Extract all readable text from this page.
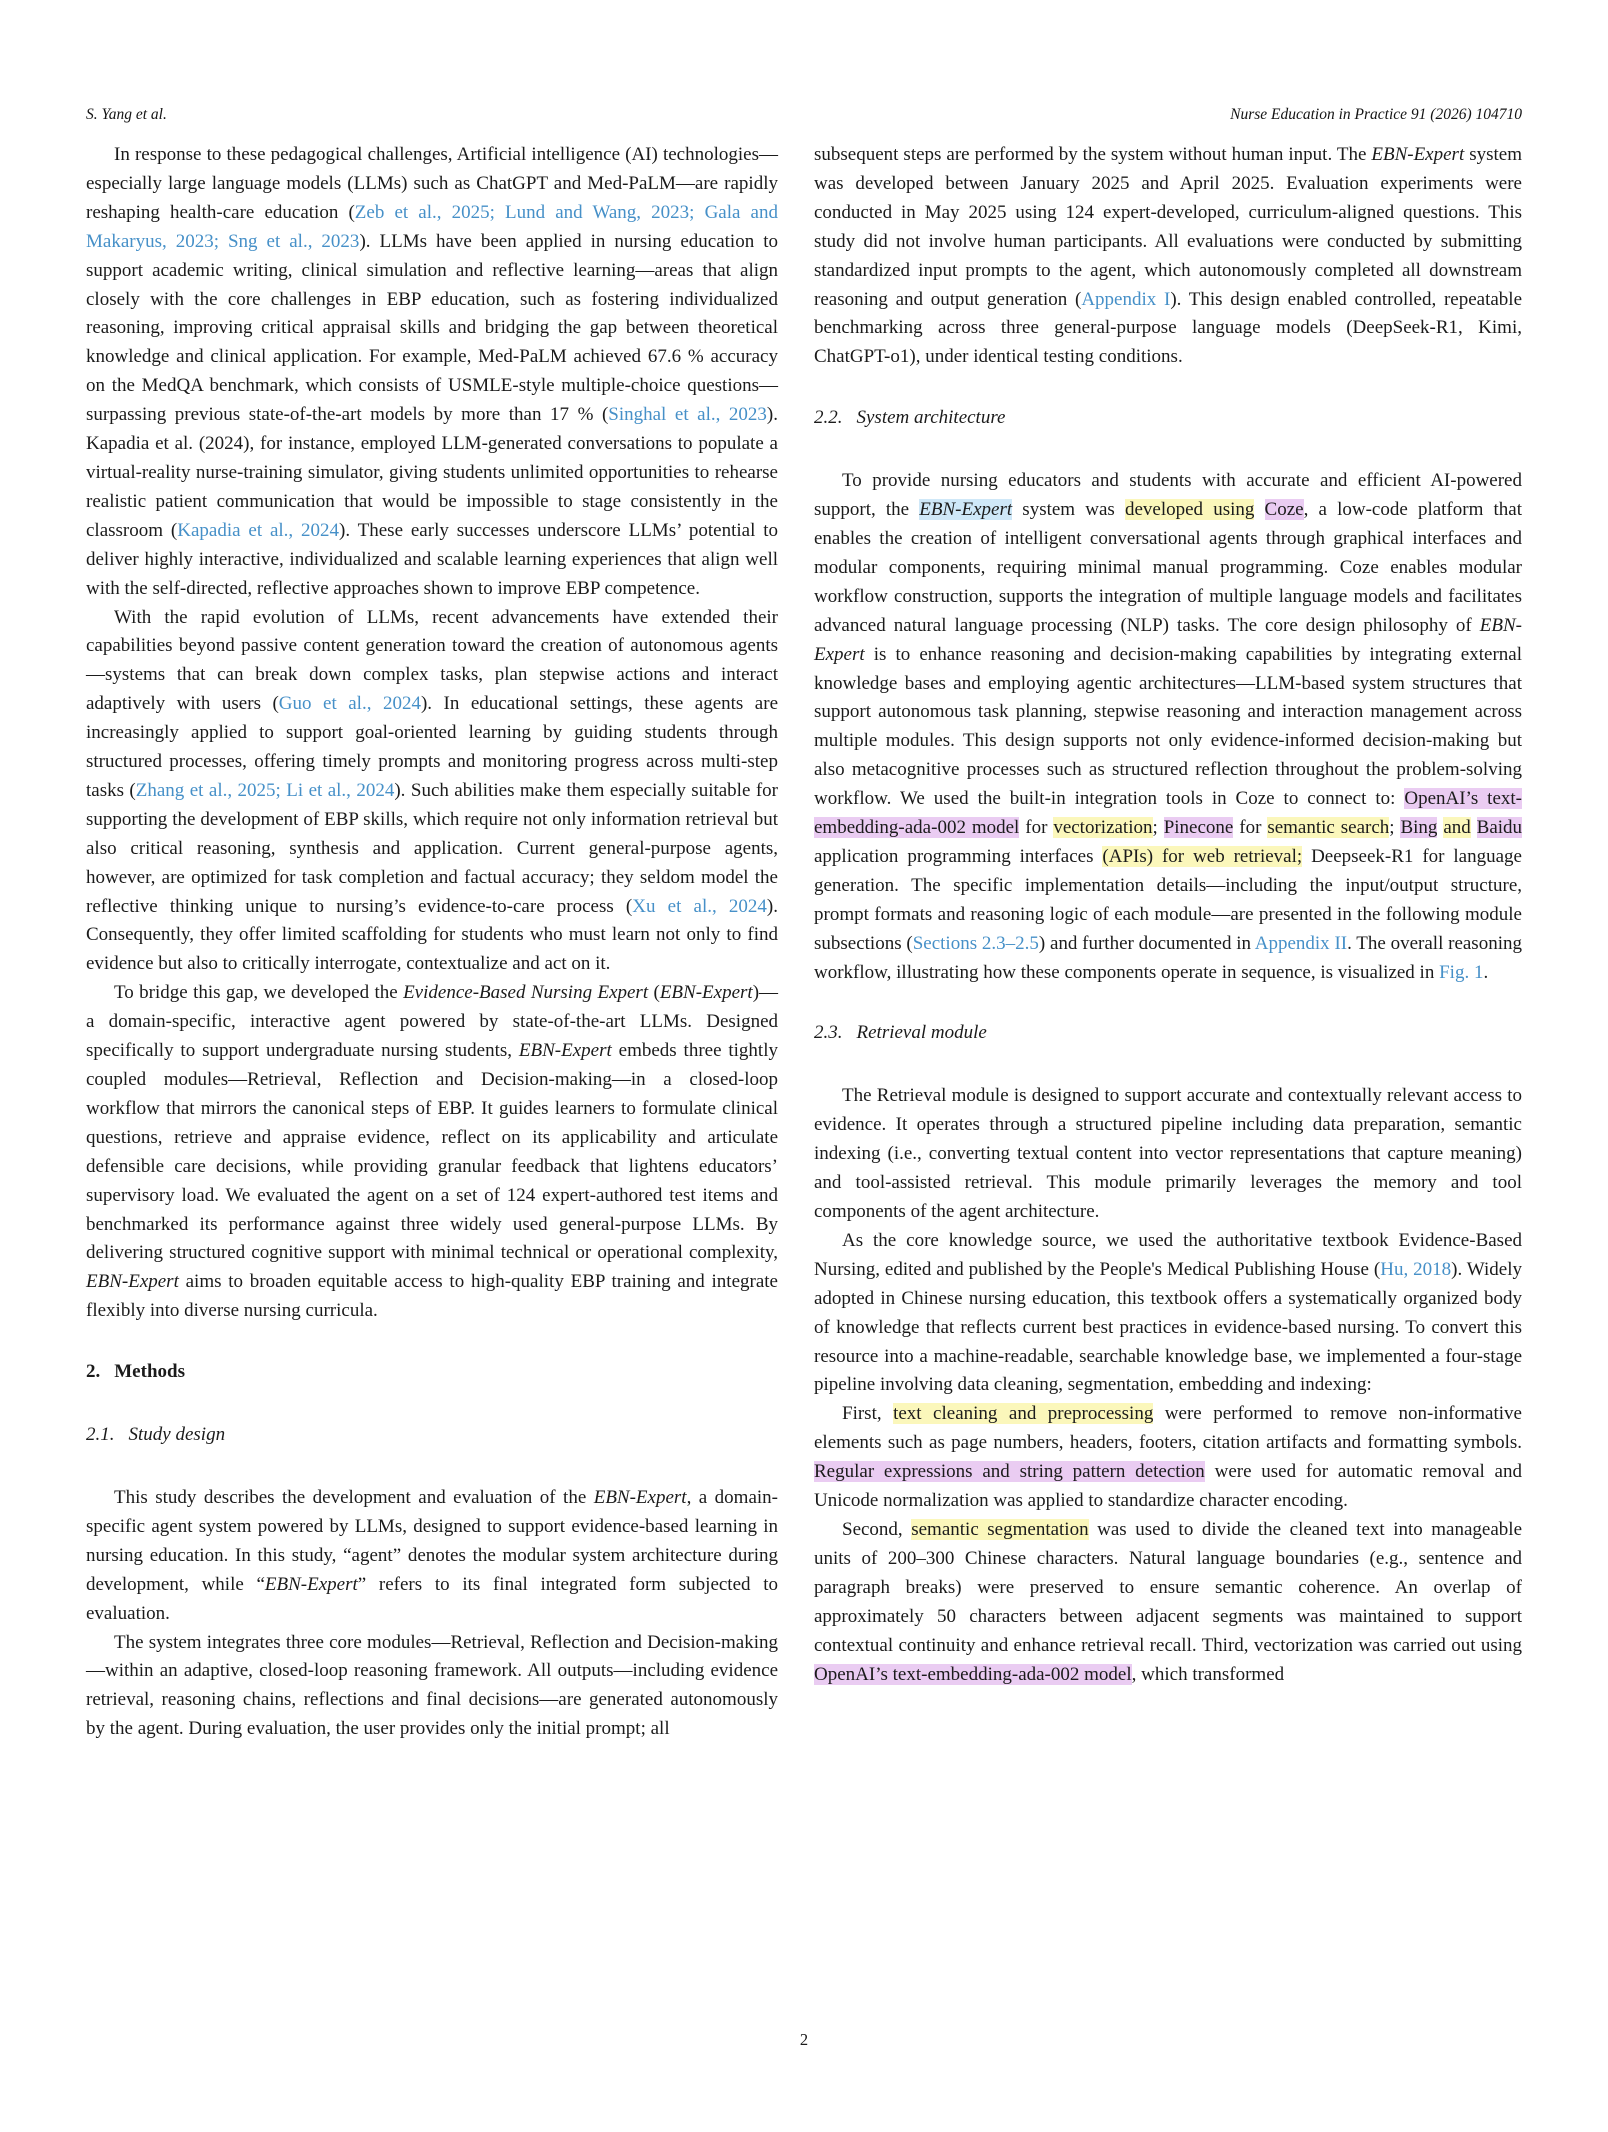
S. Yang et al.	Nurse Education in Practice 91 (2026) 104710

In response to these pedagogical challenges, Artificial intelligence (AI) technologies—especially large language models (LLMs) such as ChatGPT and Med-PaLM—are rapidly reshaping health-care education (Zeb et al., 2025; Lund and Wang, 2023; Gala and Makaryus, 2023; Sng et al., 2023). LLMs have been applied in nursing education to support academic writing, clinical simulation and reflective learning—areas that align closely with the core challenges in EBP education, such as fostering individualized reasoning, improving critical appraisal skills and bridging the gap between theoretical knowledge and clinical application. For example, Med-PaLM achieved 67.6 % accuracy on the MedQA benchmark, which consists of USMLE-style multiple-choice questions—surpassing previous state-of-the-art models by more than 17 % (Singhal et al., 2023). Kapadia et al. (2024), for instance, employed LLM-generated conversations to populate a virtual-reality nurse-training simulator, giving students unlimited opportunities to rehearse realistic patient communication that would be impossible to stage consistently in the classroom (Kapadia et al., 2024). These early successes underscore LLMs’ potential to deliver highly interactive, individualized and scalable learning experiences that align well with the self-directed, reflective approaches shown to improve EBP competence.

With the rapid evolution of LLMs, recent advancements have extended their capabilities beyond passive content generation toward the creation of autonomous agents—systems that can break down complex tasks, plan stepwise actions and interact adaptively with users (Guo et al., 2024). In educational settings, these agents are increasingly applied to support goal-oriented learning by guiding students through structured processes, offering timely prompts and monitoring progress across multi-step tasks (Zhang et al., 2025; Li et al., 2024). Such abilities make them especially suitable for supporting the development of EBP skills, which require not only information retrieval but also critical reasoning, synthesis and application. Current general-purpose agents, however, are optimized for task completion and factual accuracy; they seldom model the reflective thinking unique to nursing’s evidence-to-care process (Xu et al., 2024). Consequently, they offer limited scaffolding for students who must learn not only to find evidence but also to critically interrogate, contextualize and act on it.

To bridge this gap, we developed the Evidence-Based Nursing Expert (EBN-Expert)—a domain-specific, interactive agent powered by state-of-the-art LLMs. Designed specifically to support undergraduate nursing students, EBN-Expert embeds three tightly coupled modules—Retrieval, Reflection and Decision-making—in a closed-loop workflow that mirrors the canonical steps of EBP. It guides learners to formulate clinical questions, retrieve and appraise evidence, reflect on its applicability and articulate defensible care decisions, while providing granular feedback that lightens educators’ supervisory load. We evaluated the agent on a set of 124 expert-authored test items and benchmarked its performance against three widely used general-purpose LLMs. By delivering structured cognitive support with minimal technical or operational complexity, EBN-Expert aims to broaden equitable access to high-quality EBP training and integrate flexibly into diverse nursing curricula.

2. Methods
2.1. Study design

This study describes the development and evaluation of the EBN-Expert, a domain-specific agent system powered by LLMs, designed to support evidence-based learning in nursing education. In this study, “agent” denotes the modular system architecture during development, while “EBN-Expert” refers to its final integrated form subjected to evaluation.

The system integrates three core modules—Retrieval, Reflection and Decision-making—within an adaptive, closed-loop reasoning framework. All outputs—including evidence retrieval, reasoning chains, reflections and final decisions—are generated autonomously by the agent. During evaluation, the user provides only the initial prompt; all

subsequent steps are performed by the system without human input. The EBN-Expert system was developed between January 2025 and April 2025. Evaluation experiments were conducted in May 2025 using 124 expert-developed, curriculum-aligned questions. This study did not involve human participants. All evaluations were conducted by submitting standardized input prompts to the agent, which autonomously completed all downstream reasoning and output generation (Appendix I). This design enabled controlled, repeatable benchmarking across three general-purpose language models (DeepSeek-R1, Kimi, ChatGPT-o1), under identical testing conditions.

2.2. System architecture

To provide nursing educators and students with accurate and efficient AI-powered support, the EBN-Expert system was developed using Coze, a low-code platform that enables the creation of intelligent conversational agents through graphical interfaces and modular components, requiring minimal manual programming. Coze enables modular workflow construction, supports the integration of multiple language models and facilitates advanced natural language processing (NLP) tasks. The core design philosophy of EBN-Expert is to enhance reasoning and decision-making capabilities by integrating external knowledge bases and employing agentic architectures—LLM-based system structures that support autonomous task planning, stepwise reasoning and interaction management across multiple modules. This design supports not only evidence-informed decision-making but also metacognitive processes such as structured reflection throughout the problem-solving workflow. We used the built-in integration tools in Coze to connect to: OpenAI’s text-embedding-ada-002 model for vectorization; Pinecone for semantic search; Bing and Baidu application programming interfaces (APIs) for web retrieval; Deepseek-R1 for language generation. The specific implementation details—including the input/output structure, prompt formats and reasoning logic of each module—are presented in the following module subsections (Sections 2.3–2.5) and further documented in Appendix II. The overall reasoning workflow, illustrating how these components operate in sequence, is visualized in Fig. 1.

2.3. Retrieval module

The Retrieval module is designed to support accurate and contextually relevant access to evidence. It operates through a structured pipeline including data preparation, semantic indexing (i.e., converting textual content into vector representations that capture meaning) and tool-assisted retrieval. This module primarily leverages the memory and tool components of the agent architecture.

As the core knowledge source, we used the authoritative textbook Evidence-Based Nursing, edited and published by the People's Medical Publishing House (Hu, 2018). Widely adopted in Chinese nursing education, this textbook offers a systematically organized body of knowledge that reflects current best practices in evidence-based nursing. To convert this resource into a machine-readable, searchable knowledge base, we implemented a four-stage pipeline involving data cleaning, segmentation, embedding and indexing:

First, text cleaning and preprocessing were performed to remove non-informative elements such as page numbers, headers, footers, citation artifacts and formatting symbols. Regular expressions and string pattern detection were used for automatic removal and Unicode normalization was applied to standardize character encoding.

Second, semantic segmentation was used to divide the cleaned text into manageable units of 200–300 Chinese characters. Natural language boundaries (e.g., sentence and paragraph breaks) were preserved to ensure semantic coherence. An overlap of approximately 50 characters between adjacent segments was maintained to support contextual continuity and enhance retrieval recall. Third, vectorization was carried out using OpenAI’s text-embedding-ada-002 model, which transformed

2
